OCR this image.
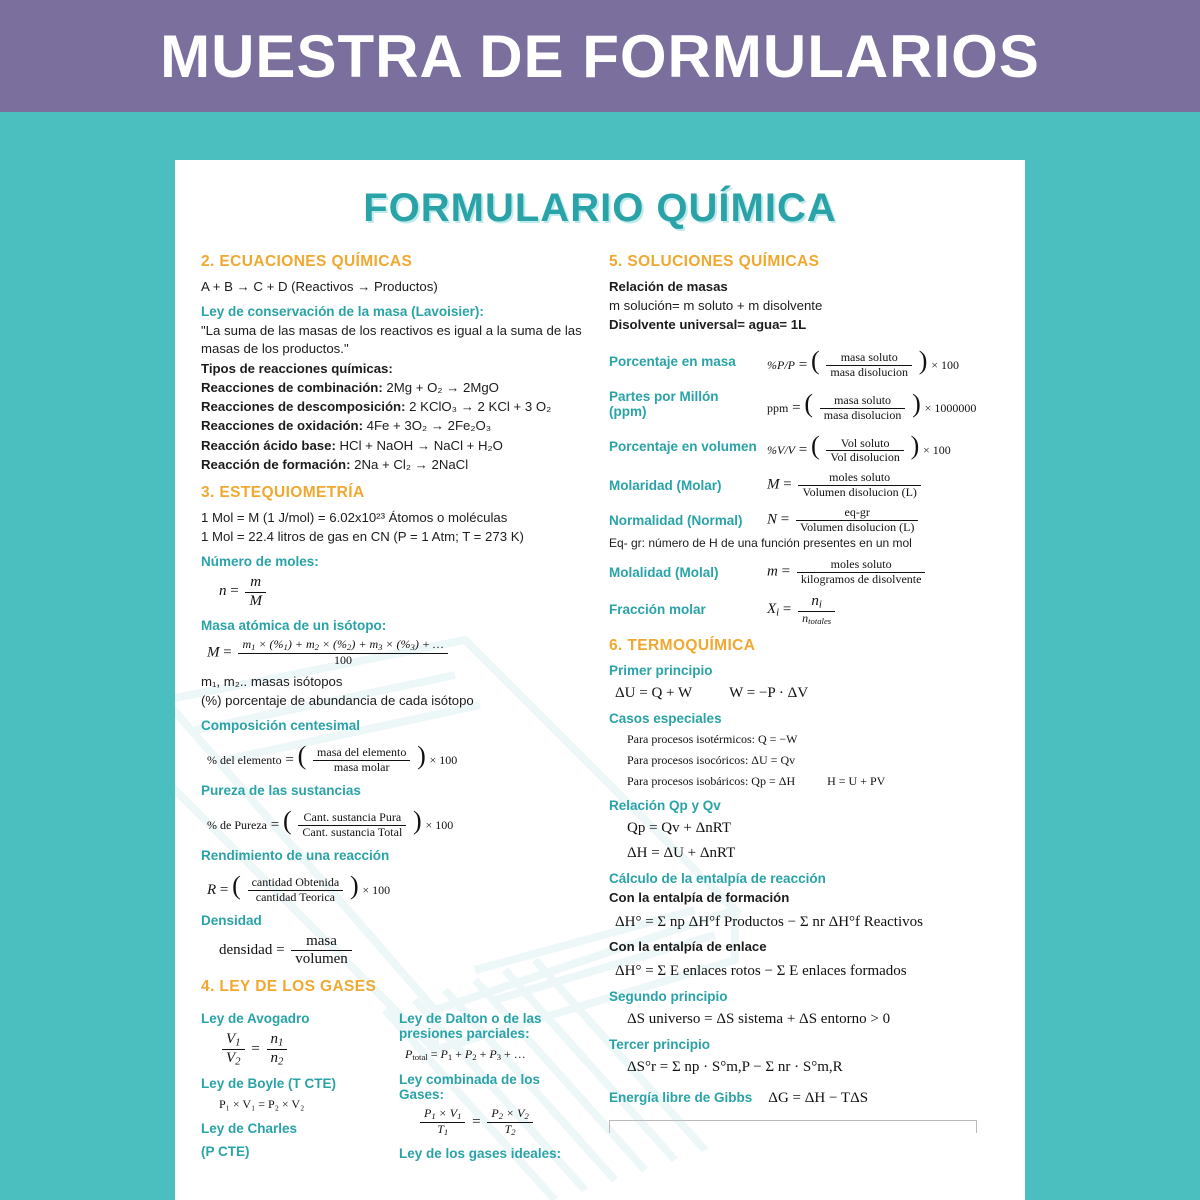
MUESTRA DE FORMULARIOS
FORMULARIO QUÍMICA
2. ECUACIONES QUÍMICAS
A + B → C + D (Reactivos → Productos)
Ley de conservación de la masa (Lavoisier):
"La suma de las masas de los reactivos es igual a la suma de las masas de los productos."
Tipos de reacciones químicas:
Reacciones de combinación: 2Mg + O₂ → 2MgO
Reacciones de descomposición: 2 KClO₃ → 2 KCl + 3 O₂
Reacciones de oxidación: 4Fe + 3O₂ → 2Fe₂O₃
Reacción ácido base: HCl + NaOH → NaCl + H₂O
Reacción de formación: 2Na + Cl₂ → 2NaCl
3. ESTEQUIOMETRÍA
1 Mol = M (1 J/mol) = 6.02x10²³ Átomos o moléculas
1 Mol = 22.4 litros de gas en CN (P = 1 Atm; T = 273 K)
Número de moles:
$n = \frac{m}{M}$
Masa atómica de un isótopo:
$M = \frac{m1 \times (\%1) + m2 \times (\%2) + m3 \times (\%3) + \dots}{100}$
m₁, m₂.. masas isótopos
(%) porcentaje de abundancia de cada isótopo
Composición centesimal
% del elemento = ( $\frac{\text{masa del elemento}}{\text{masa molar}}$ ) × 100
Pureza de las sustancias
% de Pureza = ( $\frac{\text{Cant. sustancia Pura}}{\text{Cant. sustancia Total}}$ ) × 100
Rendimiento de una reacción
R = ( $\frac{\text{cantidad Obtenida}}{\text{cantidad Teorica}}$ ) × 100
Densidad
densidad = $\frac{\text{masa}}{\text{volumen}}$
4. LEY DE LOS GASES
Ley de Avogadro
$\frac{V1}{V2} = \frac{n1}{n2}$
Ley de Boyle (T CTE)
P₁ × V₁ = P₂ × V₂
Ley de Charles
(P CTE)
Ley de Dalton o de las presiones parciales:
Ptotal = P1 + P2 + P3 + …
Ley combinada de los Gases:
$\frac{P1 \times V1}{T1} = \frac{P2 \times V2}{T2}$
Ley de los gases ideales:
5. SOLUCIONES QUÍMICAS
Relación de masas
m solución= m soluto + m disolvente
Disolvente universal= agua= 1L
Porcentaje en masa	%P/P = ( $\frac{\text{masa soluto}}{\text{masa disolucion}}$ ) × 100
Partes por Millón (ppm)	ppm = ( $\frac{\text{masa soluto}}{\text{masa disolucion}}$ ) × 1000000
Porcentaje en volumen %V/V = ( $\frac{\text{Vol soluto}}{\text{Vol disolucion}}$ ) × 100
Molaridad (Molar)	$M = \frac{\text{moles soluto}}{\text{Volumen disolucion (L)}}$
Normalidad (Normal)	$N = \frac{eq-gr}{\text{Volumen disolucion (L)}}$
Eq- gr: número de H de una función presentes en un mol
Molalidad (Molal)	$m = \frac{\text{moles soluto}}{\text{kilogramos de disolvente}}$
Fracción molar	$Xi = \frac{ni}{\text{ntotales}}$
6. TERMOQUÍMICA
Primer principio
ΔU = Q + W W = −P · ΔV
Casos especiales
Para procesos isotérmicos: Q = −W
Para procesos isocóricos: ΔU = Qv
Para procesos isobáricos: Qp = ΔH	H = U + PV
Relación Qp y Qv
Qp = Qv + ΔnRT
ΔH = ΔU + ΔnRT
Cálculo de la entalpía de reacción
Con la entalpía de formación
ΔH° = Σ np ΔH°f Productos − Σ nr ΔH°f Reactivos
Con la entalpía de enlace
ΔH° = Σ E enlaces rotos − Σ E enlaces formados
Segundo principio
ΔS universo = ΔS sistema + ΔS entorno > 0
Tercer principio
ΔS°r = Σ np · S°m,P − Σ nr · S°m,R
Energía libre de Gibbs ΔG = ΔH − TΔS
